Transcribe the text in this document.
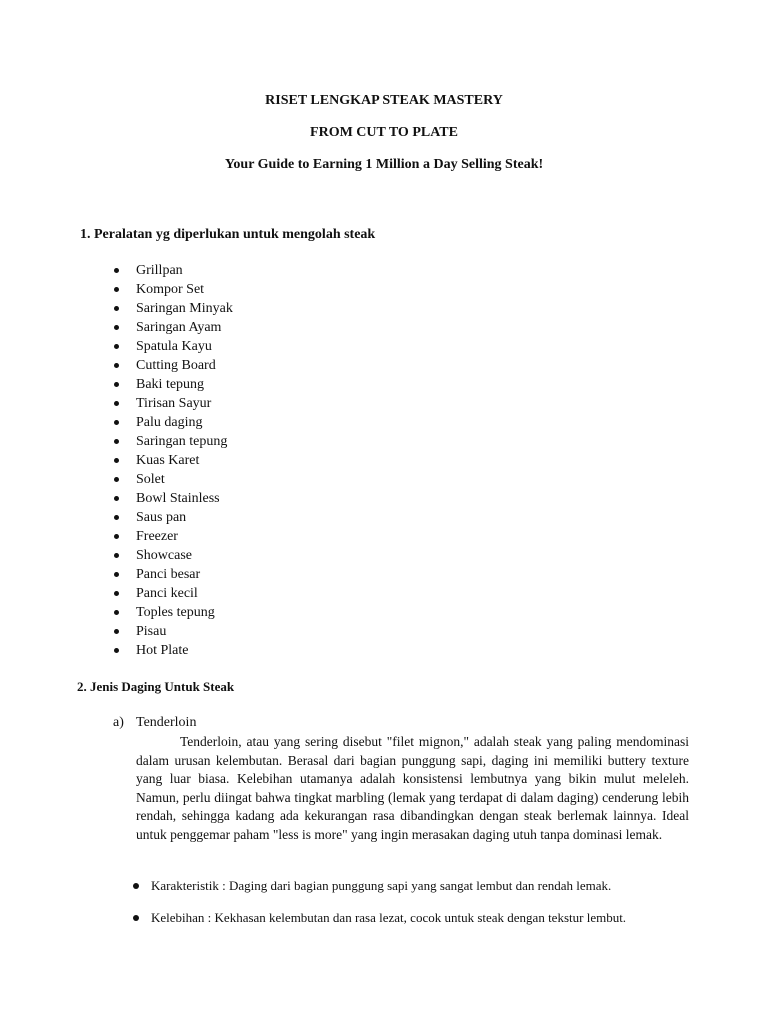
RISET LENGKAP STEAK MASTERY
FROM CUT TO PLATE
Your Guide to Earning 1 Million a Day Selling Steak!
1. Peralatan yg diperlukan untuk mengolah steak
Grillpan
Kompor Set
Saringan Minyak
Saringan Ayam
Spatula Kayu
Cutting Board
Baki tepung
Tirisan Sayur
Palu daging
Saringan tepung
Kuas Karet
Solet
Bowl Stainless
Saus pan
Freezer
Showcase
Panci besar
Panci kecil
Toples tepung
Pisau
Hot Plate
2. Jenis Daging Untuk Steak
a) Tenderloin
Tenderloin, atau yang sering disebut "filet mignon," adalah steak yang paling mendominasi dalam urusan kelembutan. Berasal dari bagian punggung sapi, daging ini memiliki buttery texture yang luar biasa. Kelebihan utamanya adalah konsistensi lembutnya yang bikin mulut meleleh. Namun, perlu diingat bahwa tingkat marbling (lemak yang terdapat di dalam daging) cenderung lebih rendah, sehingga kadang ada kekurangan rasa dibandingkan dengan steak berlemak lainnya. Ideal untuk penggemar paham "less is more" yang ingin merasakan daging utuh tanpa dominasi lemak.
Karakteristik : Daging dari bagian punggung sapi yang sangat lembut dan rendah lemak.
Kelebihan : Kekhasan kelembutan dan rasa lezat, cocok untuk steak dengan tekstur lembut.
